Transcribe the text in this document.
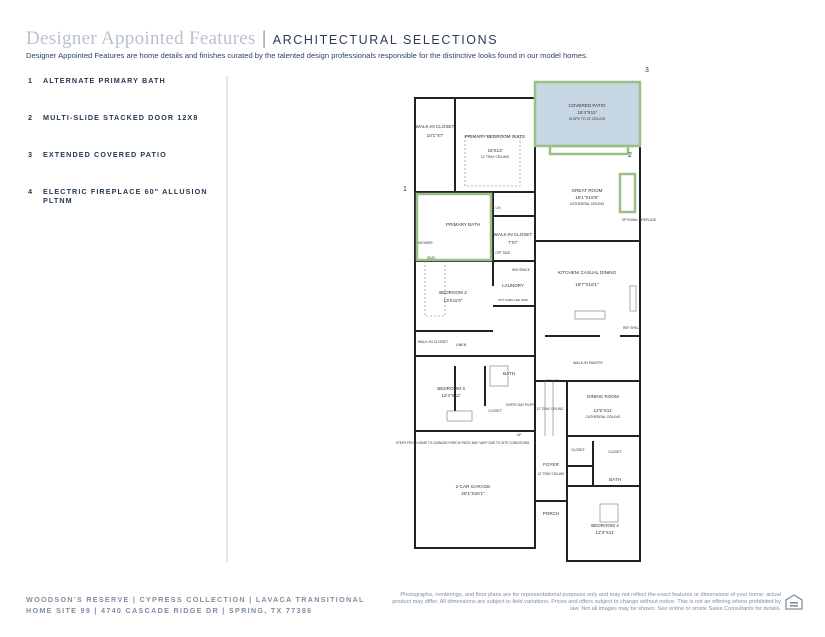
Designer Appointed Features | ARCHITECTURAL SELECTIONS
Designer Appointed Features are home details and finishes curated by the talented design professionals responsible for the distinctive looks found in our model homes.
1	ALTERNATE PRIMARY BATH
2	MULTI-SLIDE STACKED DOOR 12X8
3	EXTENDED COVERED PATIO
4	ELECTRIC FIREPLACE 60" ALLUSION PLTNM
1
2
3
COVERED PATIO
18'4"X12'
SLOPE TO 13' CEILING
WALK-IN CLOSET
10'1"X7'	PRIMARY BEDROOM SUITE
16'X13'
11' TRAY CEILING
GREAT ROOM
18'1"X15'9"
CATHEDRAL CEILING
OPTIONAL FIREPLACE
PRIMARY BATH
SHOWER
SEAT
LIN
WALK-IN CLOSET
7'X7'
OPT SEAT
KITCHEN/ CASUAL DINING
18'7"X18'1"
W/D SPACE
LAUNDRY
OPT CABS AND SINK
BEDROOM 2
13'X11'6"
REF SPACE
WALK-IN CLOSET
LINEN
WALK-IN PANTRY
BATH
BEDROOM 3
12'4"X12'
CEILING
12' TRAY CEILING
CLOSET
EVERY-DAY ENTRY
DINING ROOM
12'5"X11'
CATHEDRAL CEILING
UP
STEPS FROM HOME TO GARAGE/ PORCH/ PATIO MAY VARY DUE TO SITE CONDITIONS.
CLOSET	CLOSET
FOYER
12' TRAY CEILING
BATH
2-CAR GARAGE
20'1"X20'1"
PORCH
BEDROOM 4
12'3"X11'
WOODSON'S RESERVE | CYPRESS COLLECTION | LAVACA TRANSITIONAL
HOME SITE 99 | 4740 CASCADE RIDGE DR | SPRING, TX 77386
Photographs, renderings, and floor plans are for representational purposes only and may not reflect the exact features or dimensions of your home; actual product may differ. All dimensions are subject to field variations. Prices and offers subject to change without notice. This is not an offering where prohibited by law. Not all images may be shown. See online or onsite Sales Consultants for details.
